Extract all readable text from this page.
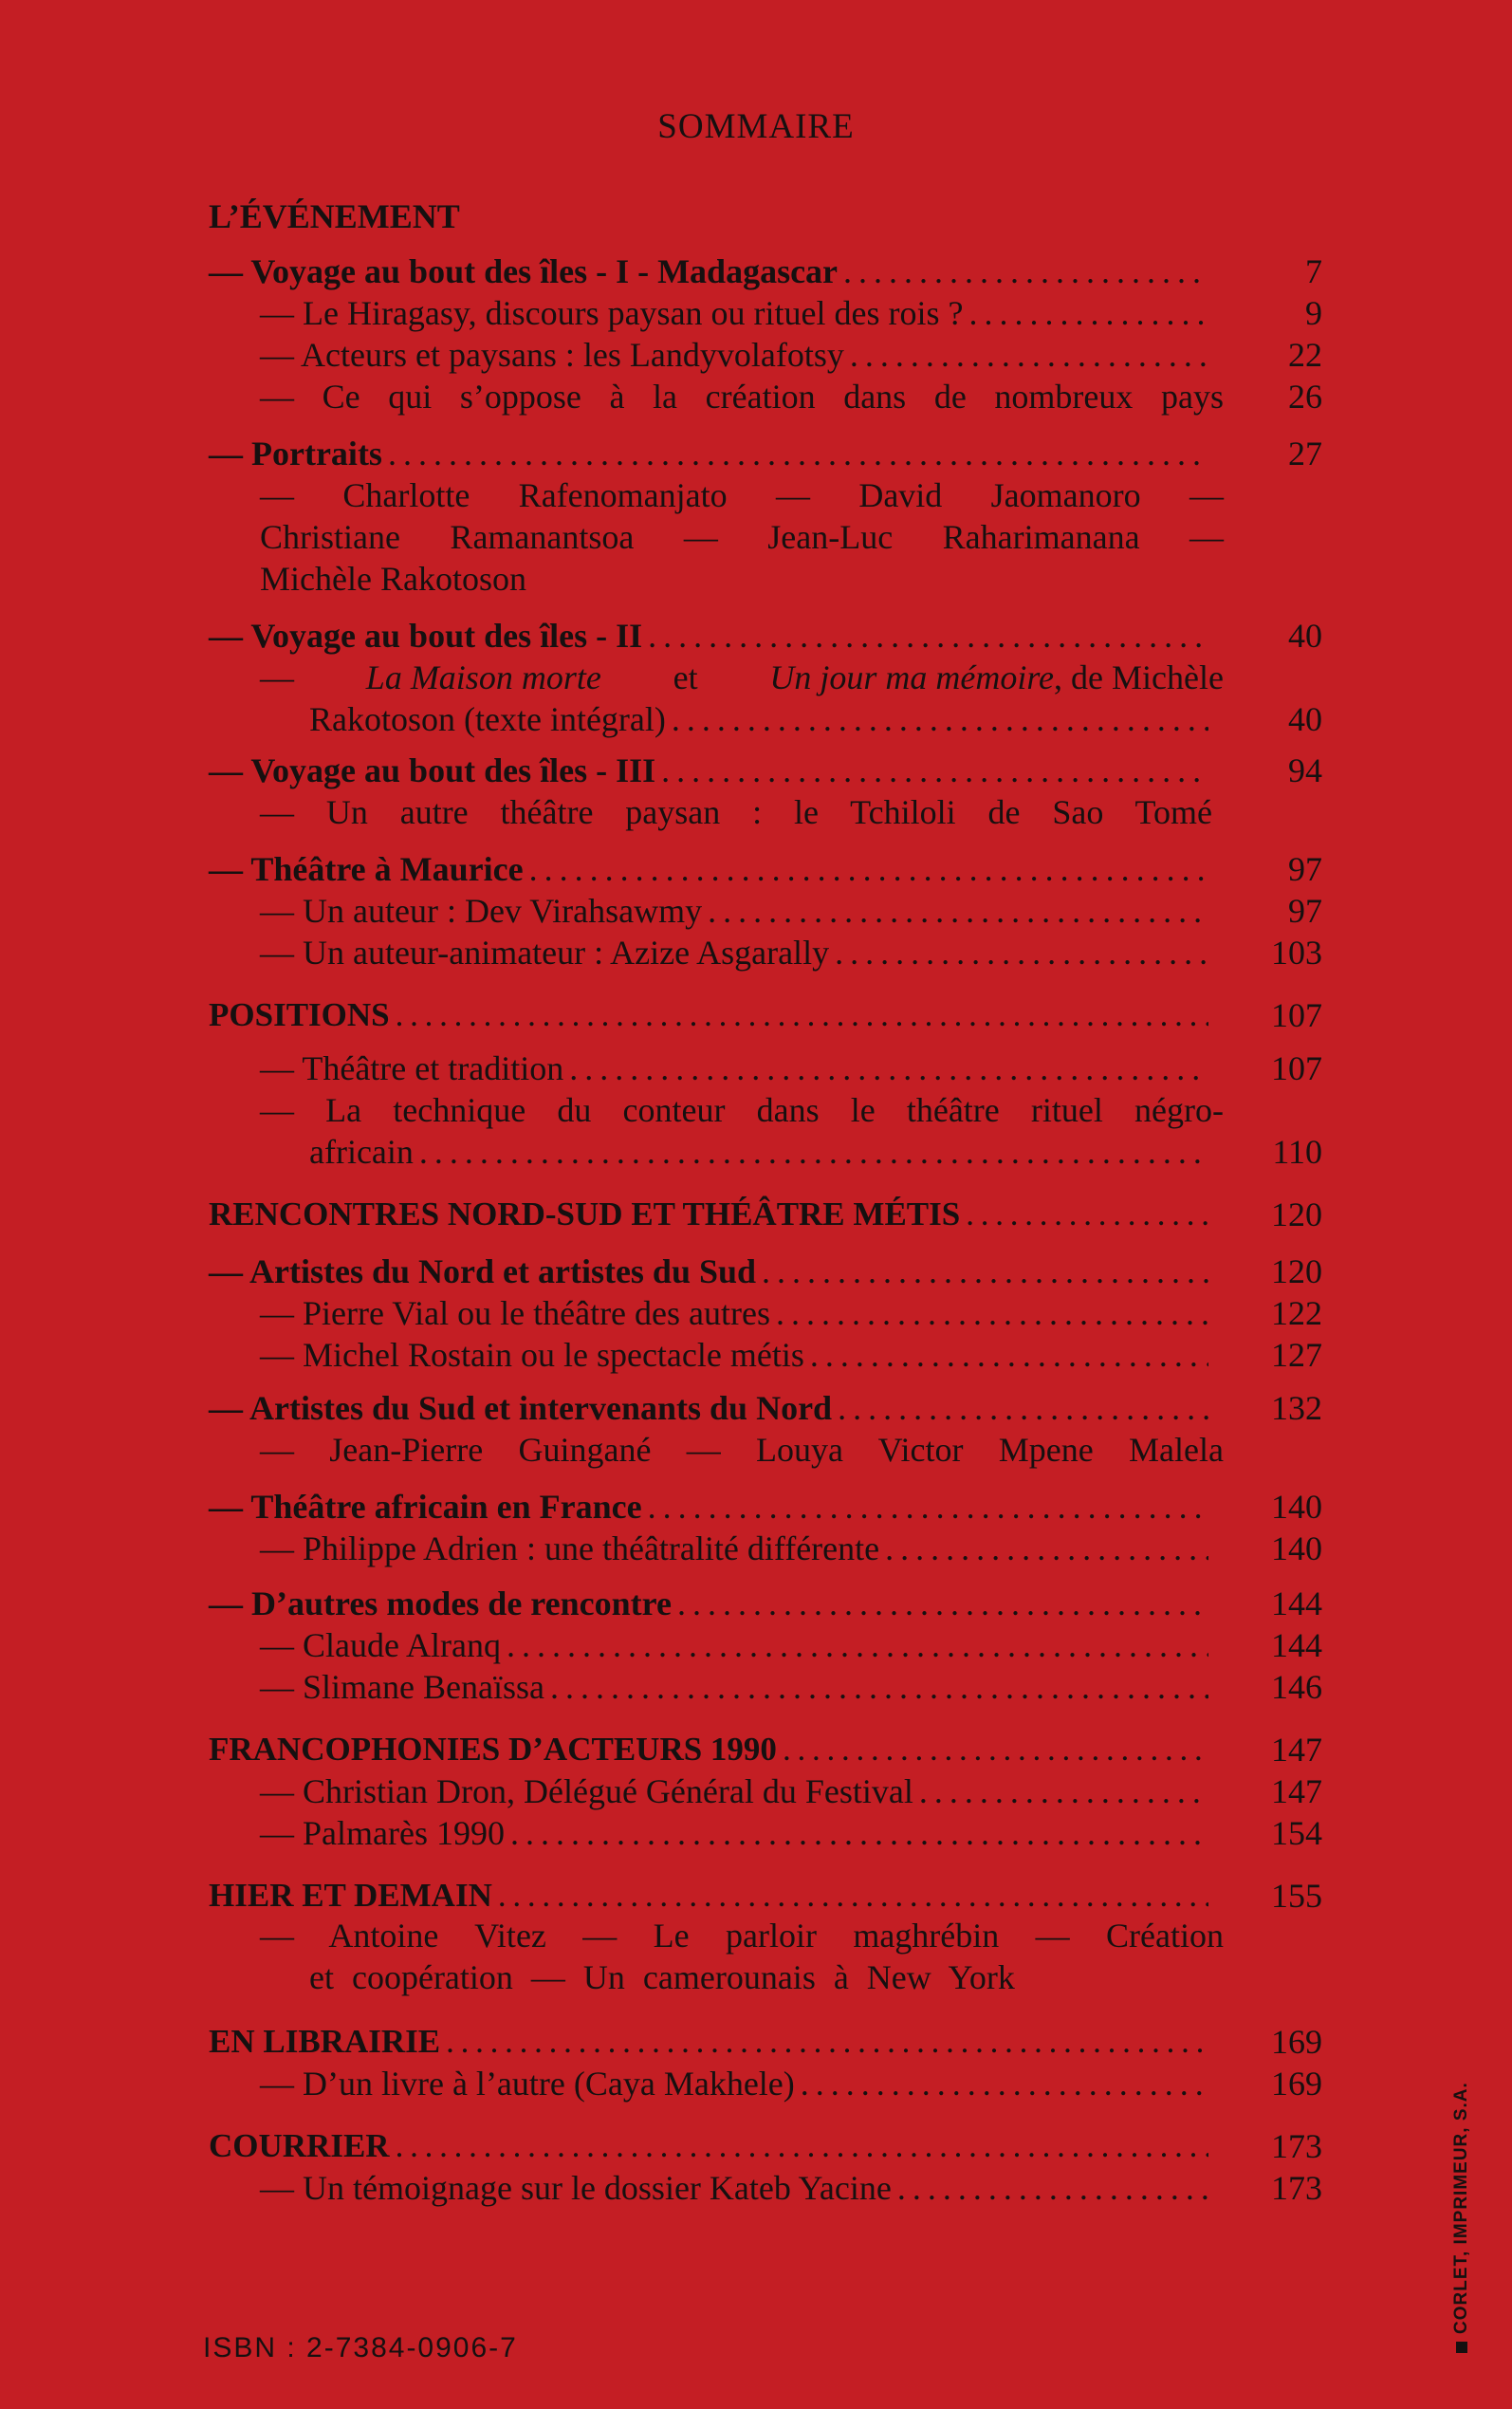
SOMMAIRE
L’ÉVÉNEMENT
— Voyage au bout des îles - I - Madagascar . . .	7
— Le Hiragasy, discours paysan ou rituel des rois ? . . .	9
— Acteurs et paysans : les Landyvolafotsy . . .	22
— Ce qui s’oppose à la création dans de nombreux pays	26
— Portraits . . .	27
— Charlotte Rafenomanjato — David Jaomanoro —
Christiane Ramanantsoa — Jean-Luc Raharimanana —
Michèle Rakotoson
— Voyage au bout des îles - II . . .	40
— La Maison morte et Un jour ma mémoire, de Michèle
Rakotoson (texte intégral) . . .	40
— Voyage au bout des îles - III . . .	94
— Un autre théâtre paysan : le Tchiloli de Sao Tomé
— Théâtre à Maurice . . .	97
— Un auteur : Dev Virahsawmy . . .	97
— Un auteur-animateur : Azize Asgarally . . .	103
POSITIONS . . .	107
— Théâtre et tradition . . .	107
— La technique du conteur dans le théâtre rituel négro-
africain . . .	110
RENCONTRES NORD-SUD ET THÉÂTRE MÉTIS . . .	120
— Artistes du Nord et artistes du Sud . . .	120
— Pierre Vial ou le théâtre des autres . . .	122
— Michel Rostain ou le spectacle métis . . .	127
— Artistes du Sud et intervenants du Nord . . .	132
— Jean-Pierre Guingané — Louya Victor Mpene Malela
— Théâtre africain en France . . .	140
— Philippe Adrien : une théâtralité différente . . .	140
— D’autres modes de rencontre . . .	144
— Claude Alranq . . .	144
— Slimane Benaïssa . . .	146
FRANCOPHONIES D’ACTEURS 1990 . . .	147
— Christian Dron, Délégué Général du Festival . . .	147
— Palmarès 1990 . . .	154
HIER ET DEMAIN . . .	155
— Antoine Vitez — Le parloir maghrébin — Création
et coopération — Un camerounais à New York
EN LIBRAIRIE . . .	169
— D’un livre à l’autre (Caya Makhele) . . .	169
COURRIER . . .	173
— Un témoignage sur le dossier Kateb Yacine . . .	173
ISBN : 2-7384-0906-7
CORLET, IMPRIMEUR, S.A.
